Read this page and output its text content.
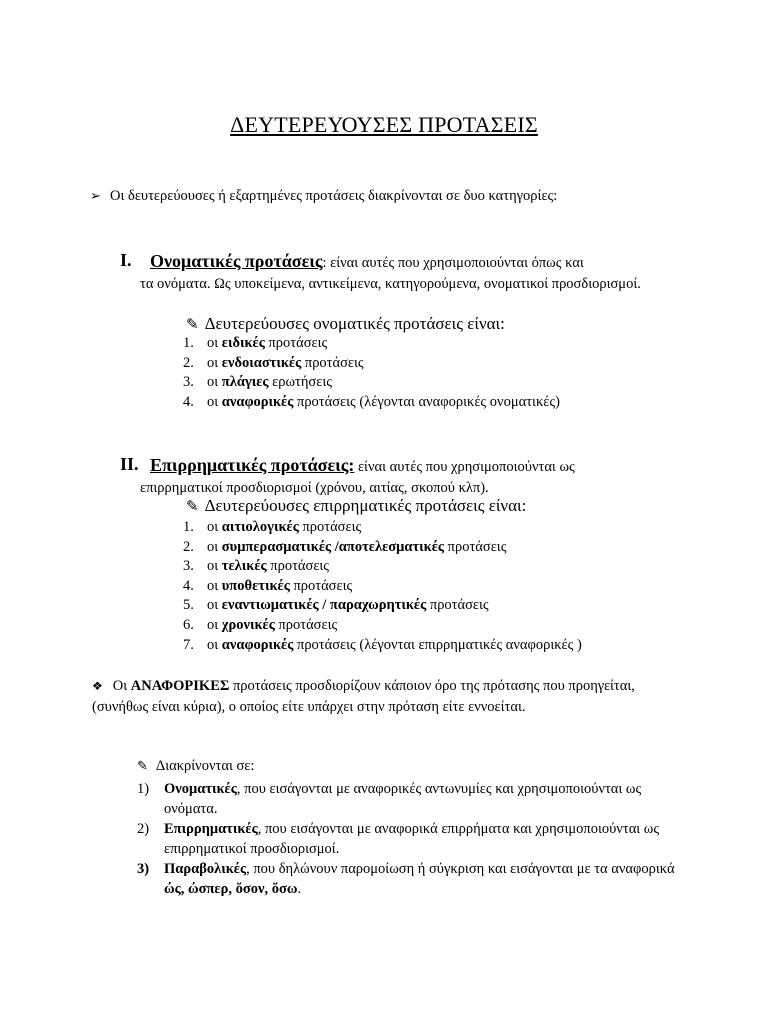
ΔΕΥΤΕΡΕΥΟΥΣΕΣ ΠΡΟΤΑΣΕΙΣ
➢ Οι δευτερεύουσες ή εξαρτημένες προτάσεις διακρίνονται σε δυο κατηγορίες:
I.	Ονοματικές προτάσεις: είναι αυτές που χρησιμοποιούνται όπως και
τα ονόματα. Ως υποκείμενα, αντικείμενα, κατηγορούμενα, ονοματικοί προσδιορισμοί.
✎ Δευτερεύουσες ονοματικές προτάσεις είναι:
1. οι ειδικές προτάσεις
2. οι ενδοιαστικές προτάσεις
3. οι πλάγιες ερωτήσεις
4. οι αναφορικές προτάσεις (λέγονται αναφορικές ονοματικές)
II. Επιρρηματικές προτάσεις: είναι αυτές που χρησιμοποιούνται ως
επιρρηματικοί προσδιορισμοί (χρόνου, αιτίας, σκοπού κλπ).
✎ Δευτερεύουσες επιρρηματικές προτάσεις είναι:
1. οι αιτιολογικές προτάσεις
2. οι συμπερασματικές /αποτελεσματικές προτάσεις
3. οι τελικές προτάσεις
4. οι υποθετικές προτάσεις
5. οι εναντιωματικές / παραχωρητικές προτάσεις
6. οι χρονικές προτάσεις
7. οι αναφορικές προτάσεις (λέγονται επιρρηματικές αναφορικές )
❖ Οι ΑΝΑΦΟΡΙΚΕΣ προτάσεις προσδιορίζουν κάποιον όρο της πρότασης που προηγείται, (συνήθως είναι κύρια), ο οποίος είτε υπάρχει στην πρόταση είτε εννοείται.
✎ Διακρίνονται σε:
1) Ονοματικές, που εισάγονται με αναφορικές αντωνυμίες και χρησιμοποιούνται ως ονόματα.
2) Επιρρηματικές, που εισάγονται με αναφορικά επιρρήματα και χρησιμοποιούνται ως επιρρηματικοί προσδιορισμοί.
3) Παραβολικές, που δηλώνουν παρομοίωση ή σύγκριση και εισάγονται με τα αναφορικά ώς, ώσπερ, ὅσον, ὅσω.
